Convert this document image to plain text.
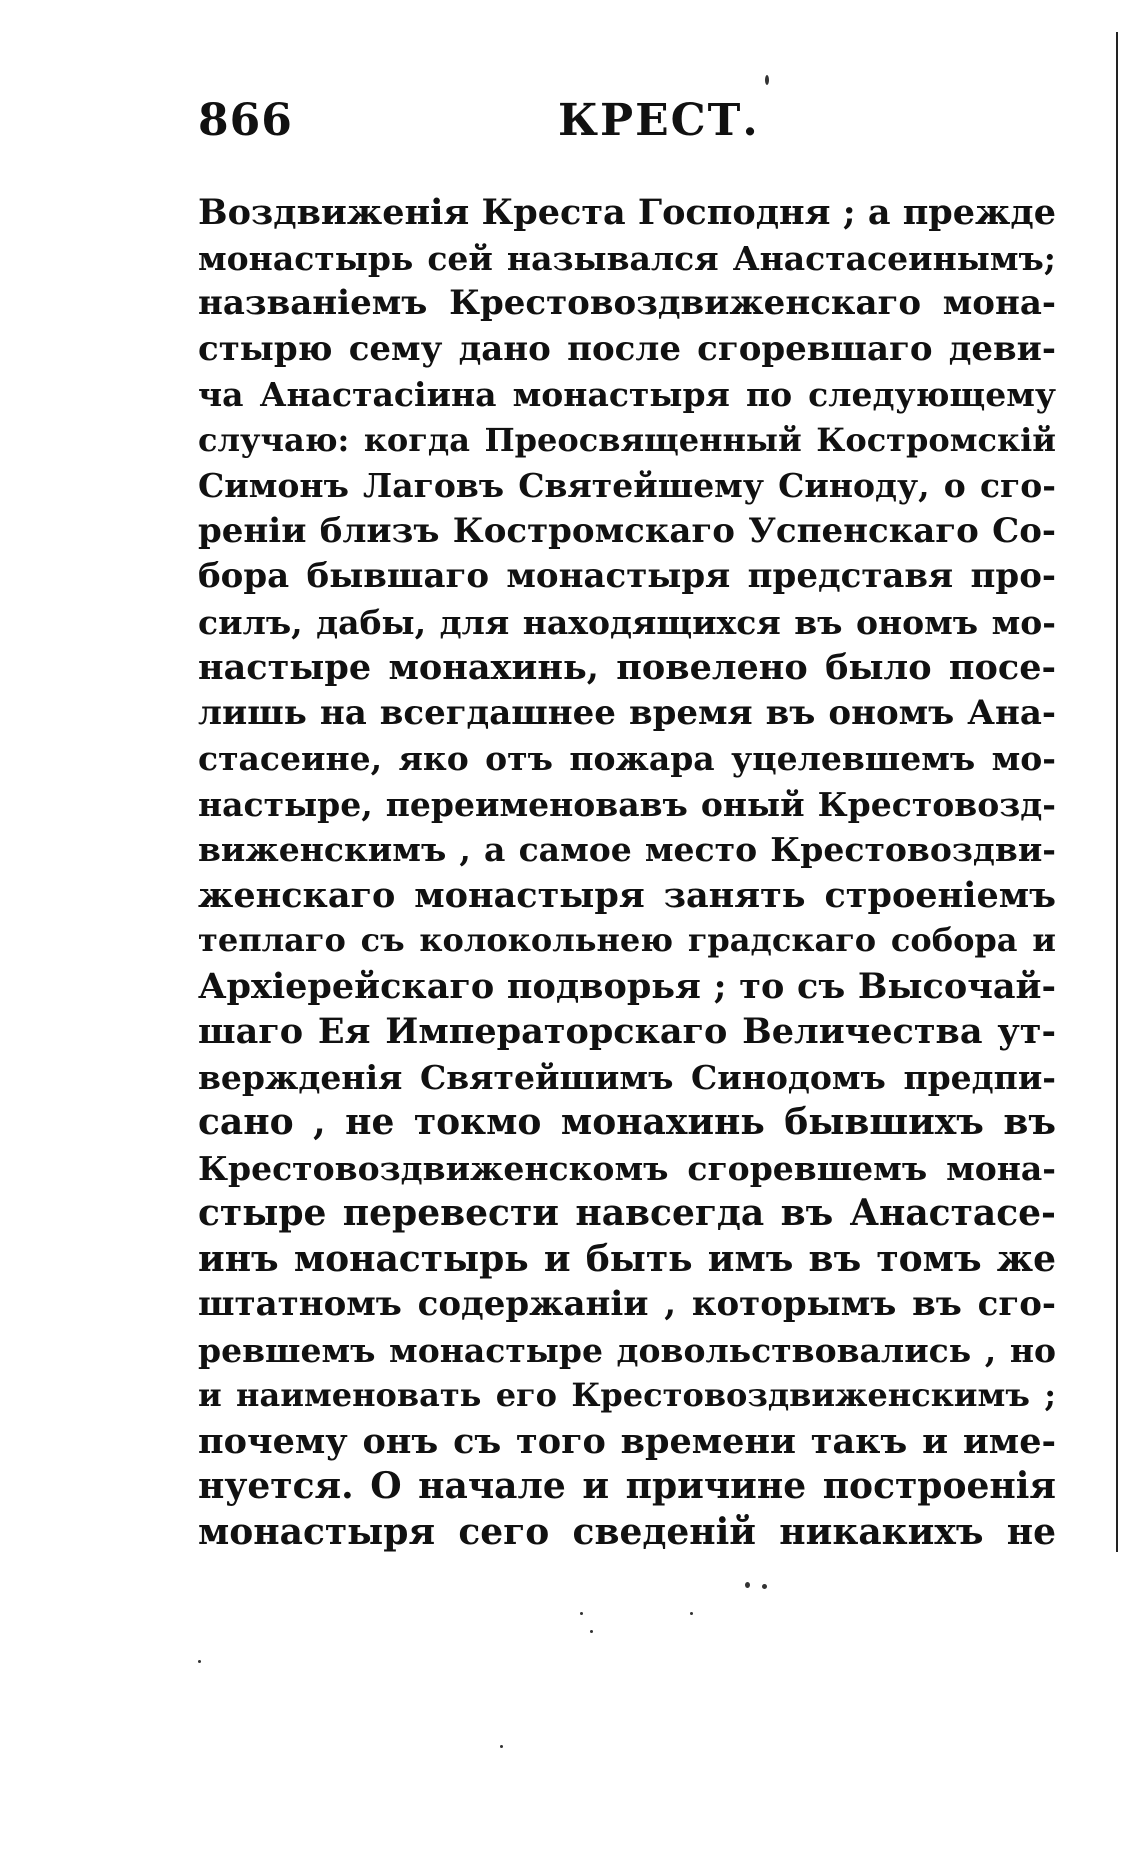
866	КРЕСТ.
Воздвиженія Креста Господня ; а прежде
монастырь сей назывался Анастасеинымъ;
названіемъ Крестовоздвиженскаго мона-
стырю сему дано после сгоревшаго деви-
ча Анастасіина монастыря по следующему
случаю: когда Преосвященный Костромскій
Симонъ Лаговъ Святейшему Синоду, о сго-
реніи близъ Костромскаго Успенскаго Со-
бора бывшаго монастыря представя про-
силъ, дабы, для находящихся въ ономъ мо-
настыре монахинь, повелено было посе-
лишь на всегдашнее время въ ономъ Ана-
стасеине, яко отъ пожара уцелевшемъ мо-
настыре, переименовавъ оный Крестовозд-
виженскимъ , а самое место Крестовоздви-
женскаго монастыря занять строеніемъ
теплаго съ колокольнею градскаго собора и
Архіерейскаго подворья ; то съ Высочай-
шаго Ея Императорскаго Величества ут-
вержденія Святейшимъ Синодомъ предпи-
сано , не токмо монахинь бывшихъ въ
Крестовоздвиженскомъ сгоревшемъ мона-
стыре перевести навсегда въ Анастасе-
инъ монастырь и быть имъ въ томъ же
штатномъ содержаніи , которымъ въ сго-
ревшемъ монастыре довольствовались , но
и наименовать его Крестовоздвиженскимъ ;
почему онъ съ того времени такъ и име-
нуется. О начале и причине построенія
монастыря сего сведеній никакихъ не
